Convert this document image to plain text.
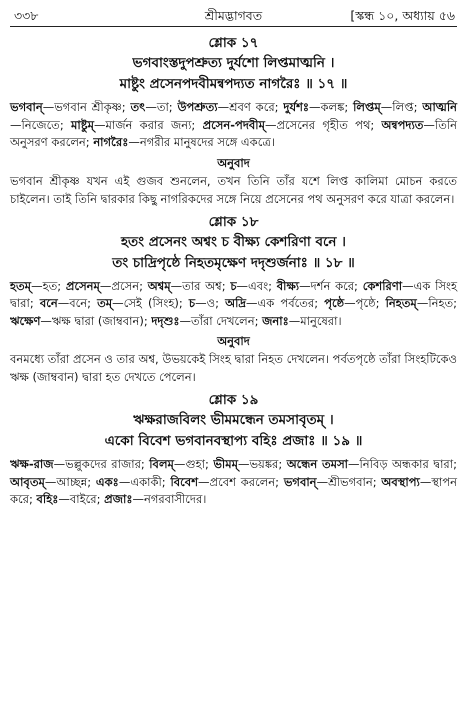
৩৩৮	শ্রীমদ্ভাগবত	[স্কন্ধ ১০, অধ্যায় ৫৬
শ্লোক ১৭
ভগবাংস্তদুপশ্রুত্য দুর্যশো লিপ্তমাত্মনি ।
মাষ্টুং প্রসেনপদবীমন্বপদ্যত নাগরৈঃ ॥ ১৭ ॥
ভগবান্—ভগবান শ্রীকৃষ্ণ; তৎ—তা; উপশ্রুত্য—শ্রবণ করে; দুর্যশঃ—কলঙ্ক; লিপ্তম্—লিপ্ত; আত্মনি—নিজেতে; মাষ্টুম্—মার্জন করার জন্য; প্রসেন-পদবীম্—প্রসেনের গৃহীত পথ; অন্বপদ্যত—তিনি অনুসরণ করলেন; নাগরৈঃ—নগরীর মানুষদের সঙ্গে একত্রে।
অনুবাদ
ভগবান শ্রীকৃষ্ণ যখন এই গুজব শুনলেন, তখন তিনি তাঁর যশে লিপ্ত কালিমা মোচন করতে চাইলেন। তাই তিনি দ্বারকার কিছু নাগরিকদের সঙ্গে নিয়ে প্রসেনের পথ অনুসরণ করে যাত্রা করলেন।
শ্লোক ১৮
হতং প্রসেনং অশ্বং চ বীক্ষ্য কেশরিণা বনে ।
তং চাদ্রিপৃষ্ঠে নিহতমৃক্ষেণ দদৃশুর্জনাঃ ॥ ১৮ ॥
হতম্—হত; প্রসেনম্—প্রসেন; অশ্বম্—তার অশ্ব; চ—এবং; বীক্ষ্য—দর্শন করে; কেশরিণা—এক সিংহ দ্বারা; বনে—বনে; তম্—সেই (সিংহ); চ—ও; অদ্রি—এক পর্বতের; পৃষ্ঠে—পৃষ্ঠে; নিহতম্—নিহত; ঋক্ষেণ—ঋক্ষ দ্বারা (জাম্ববান); দদৃশুঃ—তাঁরা দেখলেন; জনাঃ—মানুষেরা।
অনুবাদ
বনমধ্যে তাঁরা প্রসেন ও তার অশ্ব, উভয়কেই সিংহ দ্বারা নিহত দেখলেন। পর্বতপৃষ্ঠে তাঁরা সিংহটিকেও ঋক্ষ (জাম্ববান) দ্বারা হত দেখতে পেলেন।
শ্লোক ১৯
ঋক্ষরাজবিলং ভীমমন্ধেন তমসাবৃতম্ ।
একো বিবেশ ভগবানবস্থাপ্য বহিঃ প্রজাঃ ॥ ১৯ ॥
ঋক্ষ-রাজ—ভল্লুকদের রাজার; বিলম্—গুহা; ভীমম্—ভয়ঙ্কর; অন্ধেন তমসা—নিবিড় অন্ধকার দ্বারা; আবৃতম্—আচ্ছন্ন; একঃ—একাকী; বিবেশ—প্রবেশ করলেন; ভগবান্—শ্রীভগবান; অবস্থাপ্য—স্থাপন করে; বহিঃ—বাইরে; প্রজাঃ—নগরবাসীদের।
